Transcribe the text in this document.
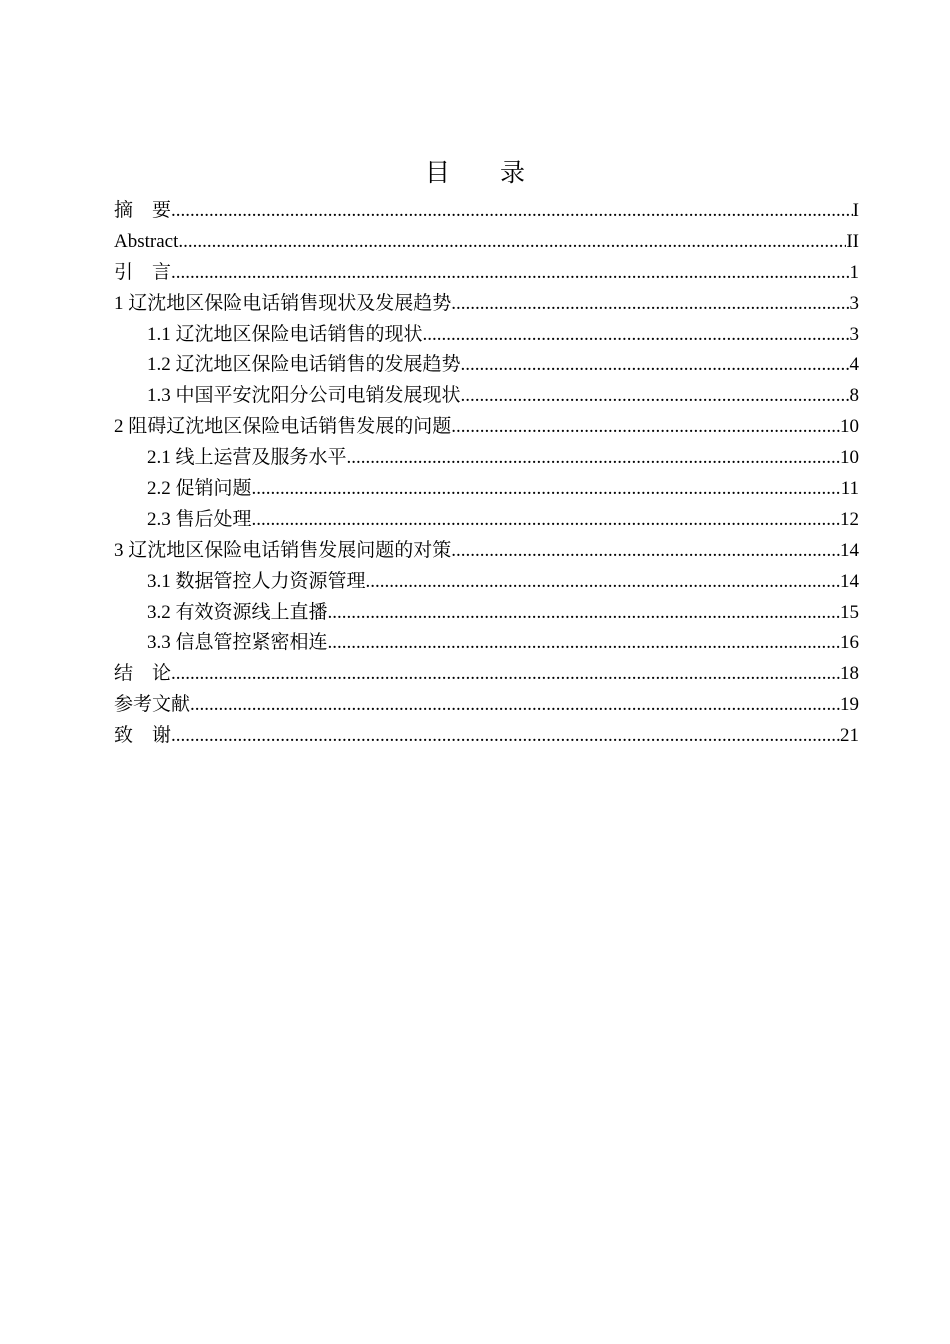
目 录
摘　要 .....	I
Abstract .....	II
引　言 .....	1
1 辽沈地区保险电话销售现状及发展趋势 .....	3
1.1 辽沈地区保险电话销售的现状 .....	3
1.2 辽沈地区保险电话销售的发展趋势 .....	4
1.3 中国平安沈阳分公司电销发展现状 .....	8
2 阻碍辽沈地区保险电话销售发展的问题 .....	10
2.1 线上运营及服务水平 .....	10
2.2 促销问题 .....	11
2.3 售后处理 .....	12
3 辽沈地区保险电话销售发展问题的对策 .....	14
3.1 数据管控人力资源管理 .....	14
3.2 有效资源线上直播 .....	15
3.3 信息管控紧密相连 .....	16
结　论 .....	18
参考文献 .....	19
致　谢 .....	21
